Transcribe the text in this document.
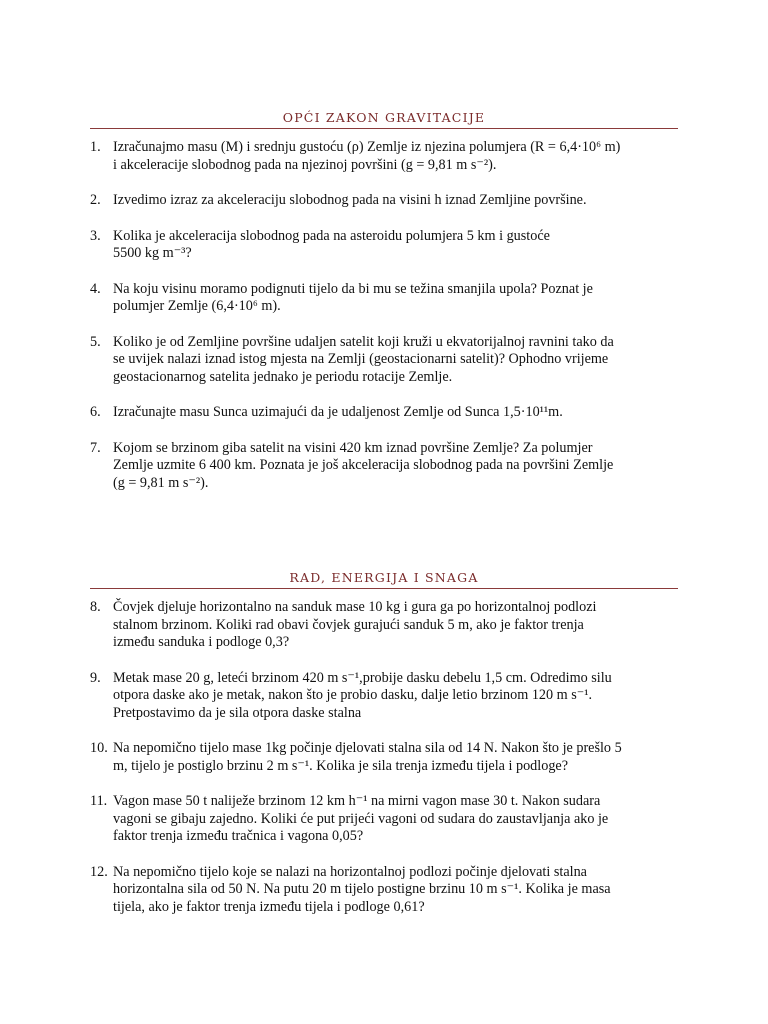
OPĆI ZAKON GRAVITACIJE
1. Izračunajmo masu (M) i srednju gustoću (ρ) Zemlje iz njezina polumjera (R = 6,4·10⁶ m)
i akceleracije slobodnog pada na njezinoj površini (g = 9,81 m s⁻²).
2. Izvedimo izraz za akceleraciju slobodnog pada na visini h iznad Zemljine površine.
3. Kolika je akceleracija slobodnog pada na asteroidu polumjera 5 km i gustoće
5500 kg m⁻³?
4. Na koju visinu moramo podignuti tijelo da bi mu se težina smanjila upola? Poznat je
polumjer Zemlje (6,4·10⁶ m).
5. Koliko je od Zemljine površine udaljen satelit koji kruži u ekvatorijalnoj ravnini tako da
se uvijek nalazi iznad istog mjesta na Zemlji (geostacionarni satelit)? Ophodno vrijeme
geostacionarnog satelita jednako je periodu rotacije Zemlje.
6. Izračunajte masu Sunca uzimajući da je udaljenost Zemlje od Sunca 1,5·10¹¹m.
7. Kojom se brzinom giba satelit na visini 420 km iznad površine Zemlje? Za polumjer
Zemlje uzmite 6 400 km. Poznata je još akceleracija slobodnog pada na površini Zemlje
(g = 9,81 m s⁻²).
RAD, ENERGIJA I SNAGA
8. Čovjek djeluje horizontalno na sanduk mase 10 kg i gura ga po horizontalnoj podlozi
stalnom brzinom. Koliki rad obavi čovjek gurajući sanduk 5 m, ako je faktor trenja
između sanduka i podloge 0,3?
9. Metak mase 20 g, leteći brzinom 420 m s⁻¹,probije dasku debelu 1,5 cm. Odredimo silu
otpora daske ako je metak, nakon što je probio dasku, dalje letio brzinom 120 m s⁻¹.
Pretpostavimo da je sila otpora daske stalna
10. Na nepomično tijelo mase 1kg počinje djelovati stalna sila od 14 N. Nakon što je prešlo 5
m, tijelo je postiglo brzinu 2 m s⁻¹. Kolika je sila trenja između tijela i podloge?
11. Vagon mase 50 t naliježe brzinom 12 km h⁻¹ na mirni vagon mase 30 t. Nakon sudara
vagoni se gibaju zajedno. Koliki će put prijeći vagoni od sudara do zaustavljanja ako je
faktor trenja između tračnica i vagona 0,05?
12. Na nepomično tijelo koje se nalazi na horizontalnoj podlozi počinje djelovati stalna
horizontalna sila od 50 N. Na putu 20 m tijelo postigne brzinu 10 m s⁻¹. Kolika je masa
tijela, ako je faktor trenja između tijela i podloge 0,61?
